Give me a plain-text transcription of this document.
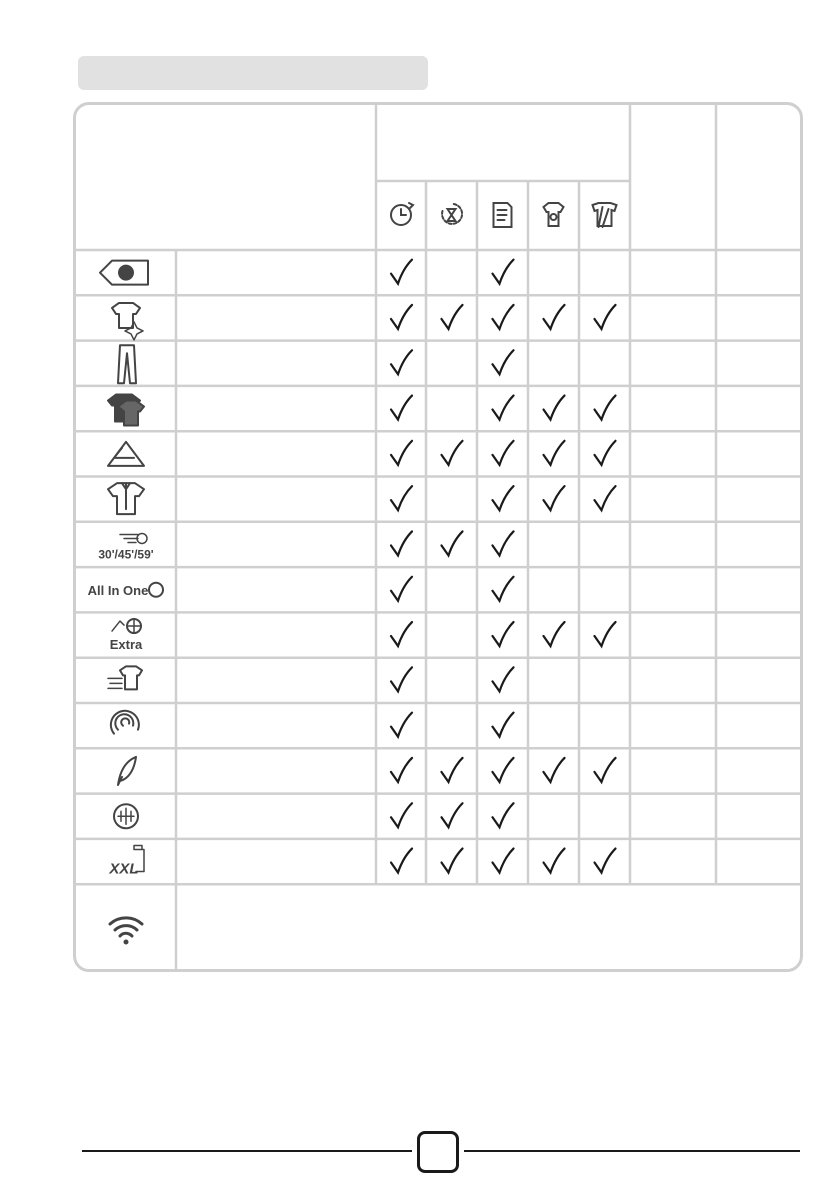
30'/45'/59'
All In One
Extra
XXL
